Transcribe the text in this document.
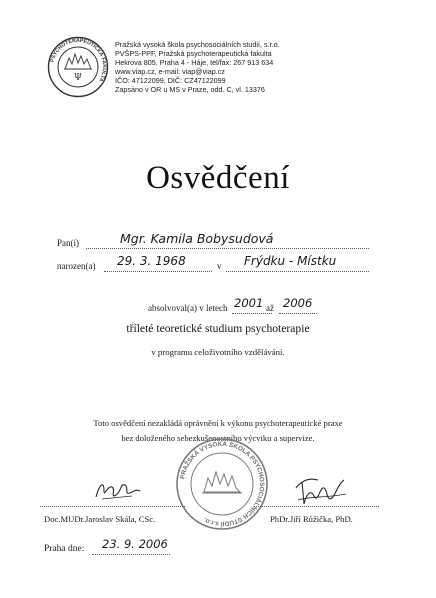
PSYCHOTERAPEUTICKÁ FAKULTA
Ψ
Pražská vysoká škola psychosociálních studií, s.r.o.
PVŠPS-PPF, Pražská psychoterapeutická fakulta
Hekrova 805, Praha 4 - Háje, tel/fax: 267 913 634
www.viap.cz, e-mail: viap@viap.cz
IČO: 47122099, DIČ: CZ47122099
Zapsáno v OR u MS v Praze, odd. C, vl. 13376
Osvědčení
Pan(í)	Mgr. Kamila Bobysudová
narozen(a) 29. 3. 1968	v Frýdku - Místku
absolvoval(a) v letech 2001 až 2006
tříleté teoretické studium psychoterapie
v programu celoživotního vzdělávání.
Toto osvědčení nezakládá oprávnění k výkonu psychoterapeutické praxe
bez doloženého sebezkušenostního výcviku a supervize.
PRAŽSKÁ VYSOKÁ ŠKOLA PSYCHOSOCIÁLNÍCH STUDIÍ s.r.o.
Doc.MUDr.Jaroslav Skála, CSc.	PhDr.Jiří Růžička, PhD.
Praha dne: 23. 9. 2006
